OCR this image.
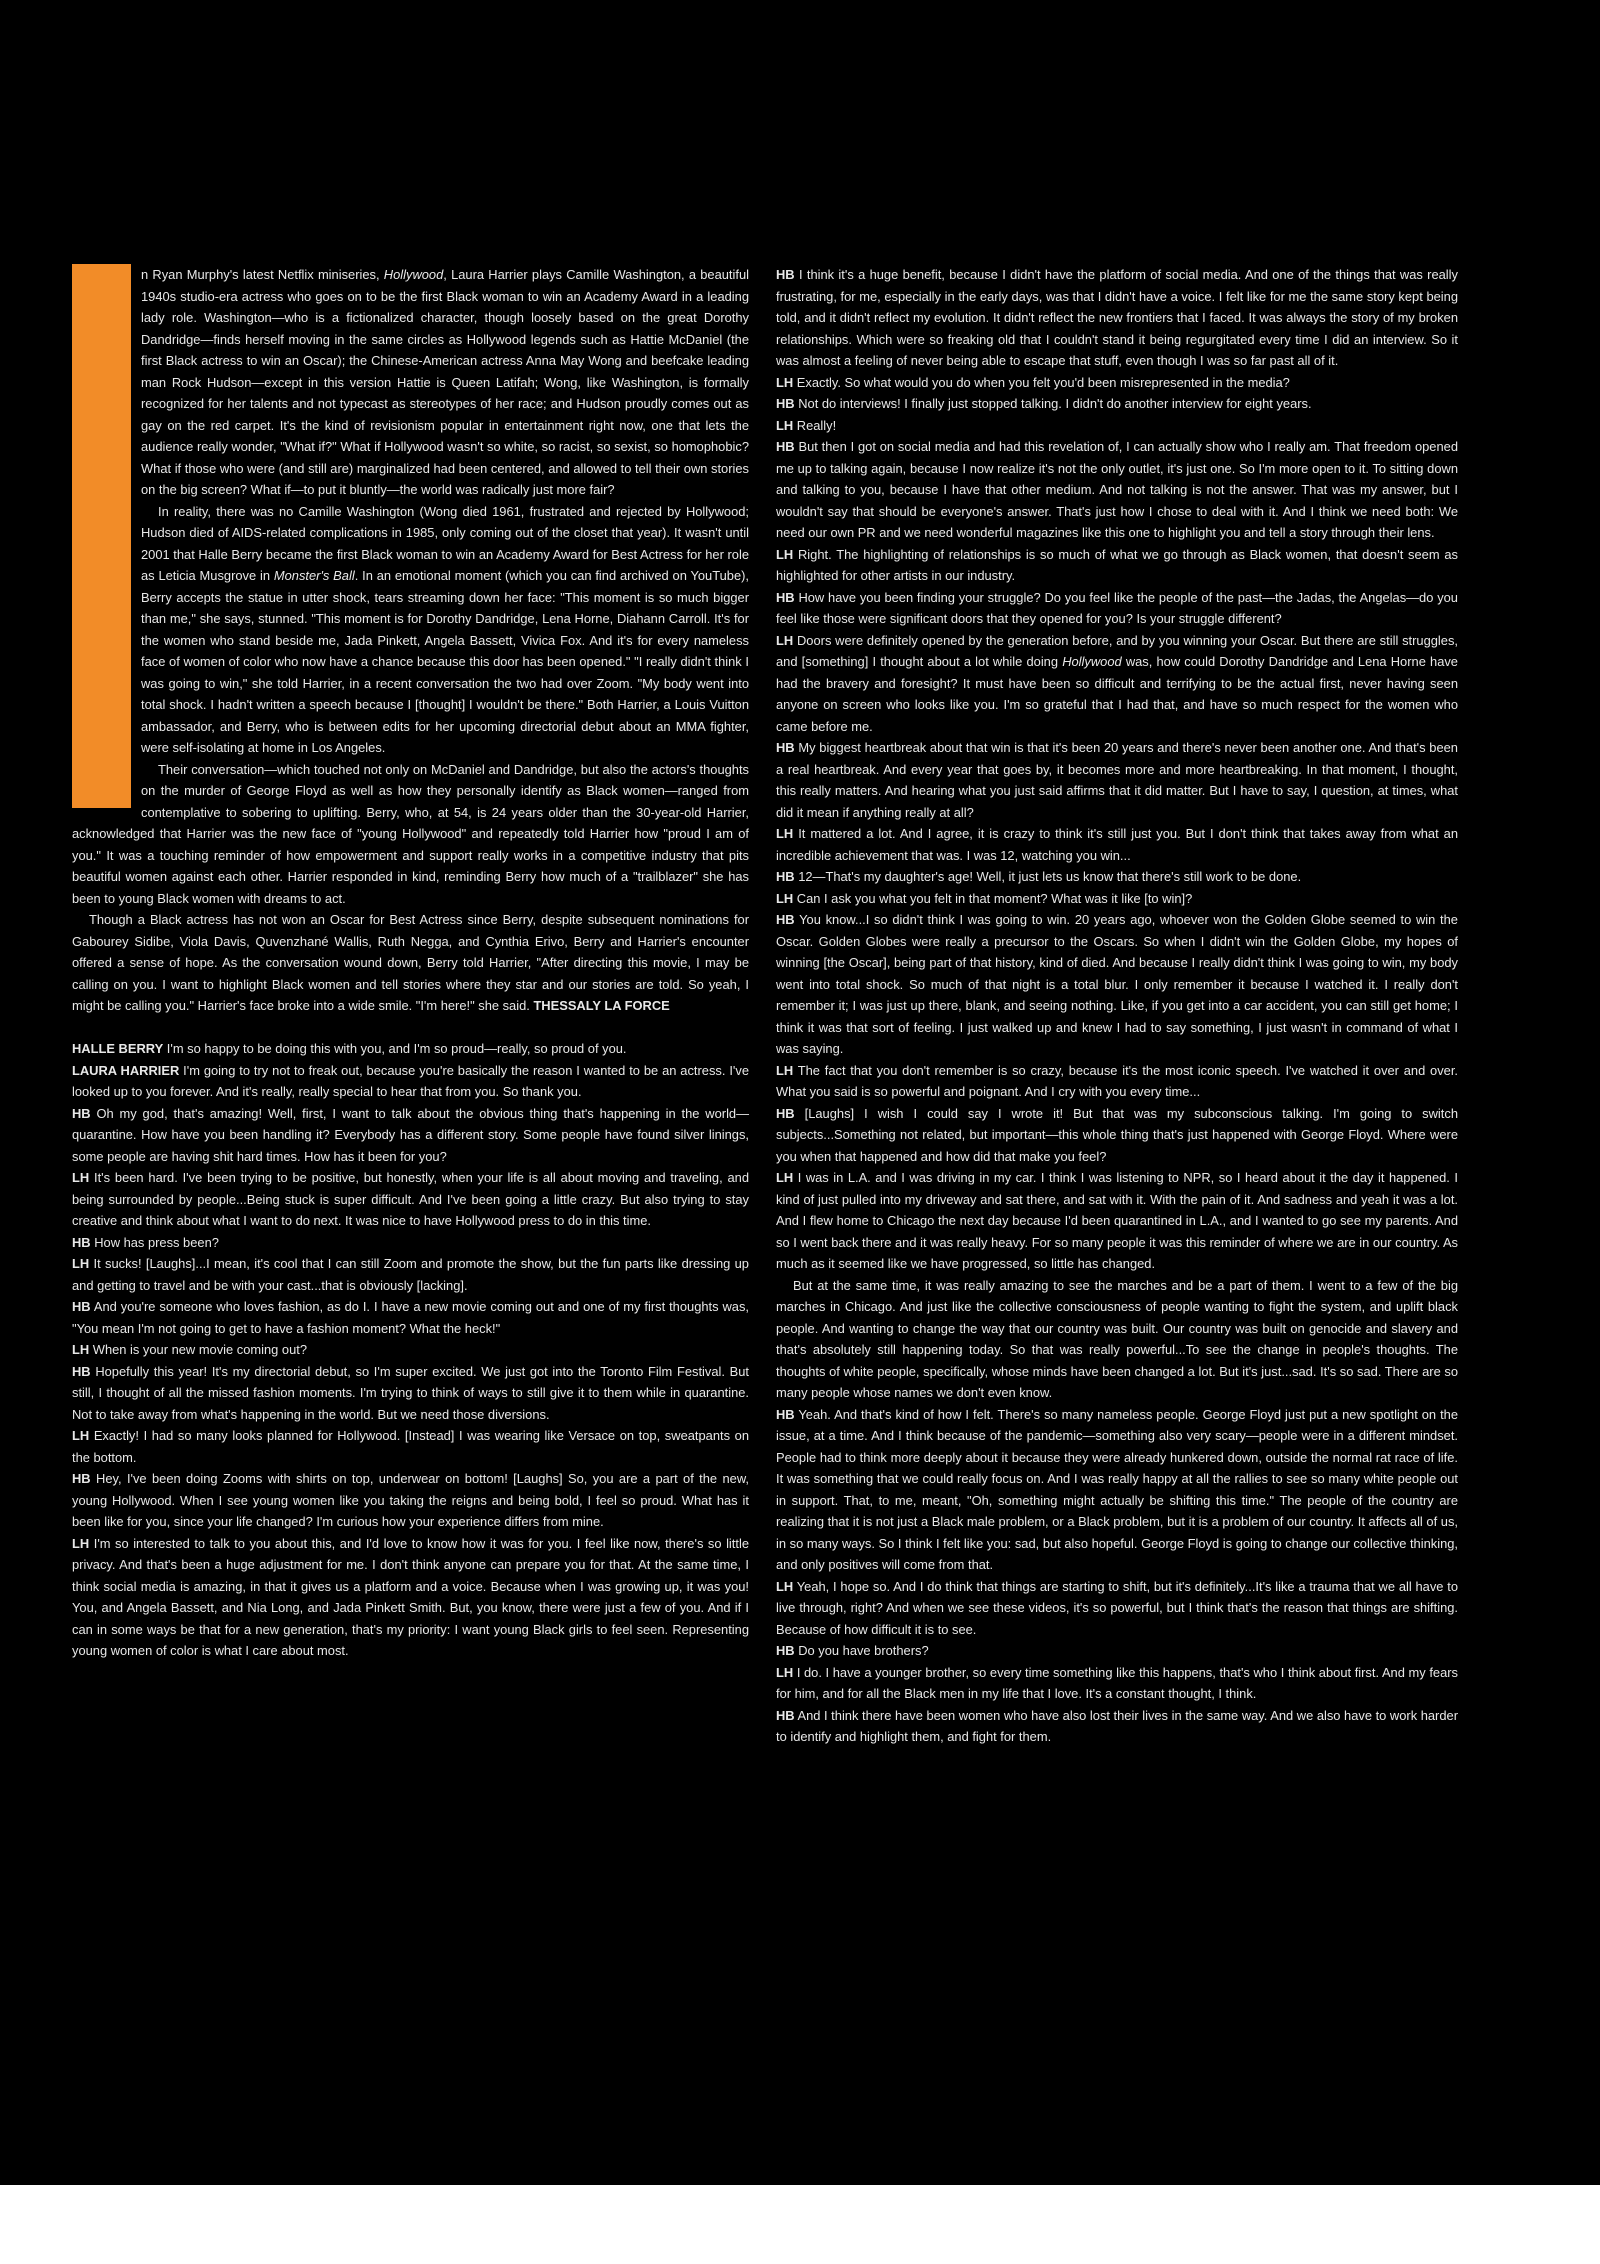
n Ryan Murphy's latest Netflix miniseries, Hollywood, Laura Harrier plays Camille Washington, a beautiful 1940s studio-era actress who goes on to be the first Black woman to win an Academy Award in a leading lady role. Washington—who is a fictionalized character, though loosely based on the great Dorothy Dandridge—finds herself moving in the same circles as Hollywood legends such as Hattie McDaniel (the first Black actress to win an Oscar); the Chinese-American actress Anna May Wong and beefcake leading man Rock Hudson—except in this version Hattie is Queen Latifah; Wong, like Washington, is formally recognized for her talents and not typecast as stereotypes of her race; and Hudson proudly comes out as gay on the red carpet. It's the kind of revisionism popular in entertainment right now, one that lets the audience really wonder, "What if?" What if Hollywood wasn't so white, so racist, so sexist, so homophobic? What if those who were (and still are) marginalized had been centered, and allowed to tell their own stories on the big screen? What if—to put it bluntly—the world was radically just more fair?

In reality, there was no Camille Washington (Wong died 1961, frustrated and rejected by Hollywood; Hudson died of AIDS-related complications in 1985, only coming out of the closet that year). It wasn't until 2001 that Halle Berry became the first Black woman to win an Academy Award for Best Actress for her role as Leticia Musgrove in Monster's Ball. In an emotional moment (which you can find archived on YouTube), Berry accepts the statue in utter shock, tears streaming down her face: "This moment is so much bigger than me," she says, stunned. "This moment is for Dorothy Dandridge, Lena Horne, Diahann Carroll. It's for the women who stand beside me, Jada Pinkett, Angela Bassett, Vivica Fox. And it's for every nameless face of women of color who now have a chance because this door has been opened." "I really didn't think I was going to win," she told Harrier, in a recent conversation the two had over Zoom. "My body went into total shock. I hadn't written a speech because I [thought] I wouldn't be there." Both Harrier, a Louis Vuitton ambassador, and Berry, who is between edits for her upcoming directorial debut about an MMA fighter, were self-isolating at home in Los Angeles.

Their conversation—which touched not only on McDaniel and Dandridge, but also the actors's thoughts on the murder of George Floyd as well as how they personally identify as Black women—ranged from contemplative to sobering to uplifting. Berry, who, at 54, is 24 years older than the 30-year-old Harrier, acknowledged that Harrier was the new face of "young Hollywood" and repeatedly told Harrier how "proud I am of you." It was a touching reminder of how empowerment and support really works in a competitive industry that pits beautiful women against each other. Harrier responded in kind, reminding Berry how much of a "trailblazer" she has been to young Black women with dreams to act.

Though a Black actress has not won an Oscar for Best Actress since Berry, despite subsequent nominations for Gabourey Sidibe, Viola Davis, Quvenzhané Wallis, Ruth Negga, and Cynthia Erivo, Berry and Harrier's encounter offered a sense of hope. As the conversation wound down, Berry told Harrier, "After directing this movie, I may be calling on you. I want to highlight Black women and tell stories where they star and our stories are told. So yeah, I might be calling you." Harrier's face broke into a wide smile. "I'm here!" she said. THESSALY LA FORCE

HALLE BERRY I'm so happy to be doing this with you, and I'm so proud—really, so proud of you.

LAURA HARRIER I'm going to try not to freak out, because you're basically the reason I wanted to be an actress. I've looked up to you forever. And it's really, really special to hear that from you. So thank you.

HB Oh my god, that's amazing! Well, first, I want to talk about the obvious thing that's happening in the world—quarantine. How have you been handling it? Everybody has a different story. Some people have found silver linings, some people are having shit hard times. How has it been for you?

LH It's been hard. I've been trying to be positive, but honestly, when your life is all about moving and traveling, and being surrounded by people...Being stuck is super difficult. And I've been going a little crazy. But also trying to stay creative and think about what I want to do next. It was nice to have Hollywood press to do in this time.

HB How has press been?

LH It sucks! [Laughs]...I mean, it's cool that I can still Zoom and promote the show, but the fun parts like dressing up and getting to travel and be with your cast...that is obviously [lacking].

HB And you're someone who loves fashion, as do I. I have a new movie coming out and one of my first thoughts was, "You mean I'm not going to get to have a fashion moment? What the heck!"

LH When is your new movie coming out?

HB Hopefully this year! It's my directorial debut, so I'm super excited. We just got into the Toronto Film Festival. But still, I thought of all the missed fashion moments. I'm trying to think of ways to still give it to them while in quarantine. Not to take away from what's happening in the world. But we need those diversions.

LH Exactly! I had so many looks planned for Hollywood. [Instead] I was wearing like Versace on top, sweatpants on the bottom.

HB Hey, I've been doing Zooms with shirts on top, underwear on bottom! [Laughs] So, you are a part of the new, young Hollywood. When I see young women like you taking the reigns and being bold, I feel so proud. What has it been like for you, since your life changed? I'm curious how your experience differs from mine.

LH I'm so interested to talk to you about this, and I'd love to know how it was for you. I feel like now, there's so little privacy. And that's been a huge adjustment for me. I don't think anyone can prepare you for that. At the same time, I think social media is amazing, in that it gives us a platform and a voice. Because when I was growing up, it was you! You, and Angela Bassett, and Nia Long, and Jada Pinkett Smith. But, you know, there were just a few of you. And if I can in some ways be that for a new generation, that's my priority: I want young Black girls to feel seen. Representing young women of color is what I care about most.

HB I think it's a huge benefit, because I didn't have the platform of social media. And one of the things that was really frustrating, for me, especially in the early days, was that I didn't have a voice. I felt like for me the same story kept being told, and it didn't reflect my evolution. It didn't reflect the new frontiers that I faced. It was always the story of my broken relationships. Which were so freaking old that I couldn't stand it being regurgitated every time I did an interview. So it was almost a feeling of never being able to escape that stuff, even though I was so far past all of it.

LH Exactly. So what would you do when you felt you'd been misrepresented in the media?

HB Not do interviews! I finally just stopped talking. I didn't do another interview for eight years.

LH Really!

HB But then I got on social media and had this revelation of, I can actually show who I really am. That freedom opened me up to talking again, because I now realize it's not the only outlet, it's just one. So I'm more open to it. To sitting down and talking to you, because I have that other medium. And not talking is not the answer. That was my answer, but I wouldn't say that should be everyone's answer. That's just how I chose to deal with it. And I think we need both: We need our own PR and we need wonderful magazines like this one to highlight you and tell a story through their lens.

LH Right. The highlighting of relationships is so much of what we go through as Black women, that doesn't seem as highlighted for other artists in our industry.

HB How have you been finding your struggle? Do you feel like the people of the past—the Jadas, the Angelas—do you feel like those were significant doors that they opened for you? Is your struggle different?

LH Doors were definitely opened by the generation before, and by you winning your Oscar. But there are still struggles, and [something] I thought about a lot while doing Hollywood was, how could Dorothy Dandridge and Lena Horne have had the bravery and foresight? It must have been so difficult and terrifying to be the actual first, never having seen anyone on screen who looks like you. I'm so grateful that I had that, and have so much respect for the women who came before me.

HB My biggest heartbreak about that win is that it's been 20 years and there's never been another one. And that's been a real heartbreak. And every year that goes by, it becomes more and more heartbreaking. In that moment, I thought, this really matters. And hearing what you just said affirms that it did matter. But I have to say, I question, at times, what did it mean if anything really at all?

LH It mattered a lot. And I agree, it is crazy to think it's still just you. But I don't think that takes away from what an incredible achievement that was. I was 12, watching you win...

HB 12—That's my daughter's age! Well, it just lets us know that there's still work to be done.

LH Can I ask you what you felt in that moment? What was it like [to win]?

HB You know...I so didn't think I was going to win. 20 years ago, whoever won the Golden Globe seemed to win the Oscar. Golden Globes were really a precursor to the Oscars. So when I didn't win the Golden Globe, my hopes of winning [the Oscar], being part of that history, kind of died. And because I really didn't think I was going to win, my body went into total shock. So much of that night is a total blur. I only remember it because I watched it. I really don't remember it; I was just up there, blank, and seeing nothing. Like, if you get into a car accident, you can still get home; I think it was that sort of feeling. I just walked up and knew I had to say something, I just wasn't in command of what I was saying.

LH The fact that you don't remember is so crazy, because it's the most iconic speech. I've watched it over and over. What you said is so powerful and poignant. And I cry with you every time...

HB [Laughs] I wish I could say I wrote it! But that was my subconscious talking. I'm going to switch subjects...Something not related, but important—this whole thing that's just happened with George Floyd. Where were you when that happened and how did that make you feel?

LH I was in L.A. and I was driving in my car. I think I was listening to NPR, so I heard about it the day it happened. I kind of just pulled into my driveway and sat there, and sat with it. With the pain of it. And sadness and yeah it was a lot. And I flew home to Chicago the next day because I'd been quarantined in L.A., and I wanted to go see my parents. And so I went back there and it was really heavy. For so many people it was this reminder of where we are in our country. As much as it seemed like we have progressed, so little has changed.

But at the same time, it was really amazing to see the marches and be a part of them. I went to a few of the big marches in Chicago. And just like the collective consciousness of people wanting to fight the system, and uplift black people. And wanting to change the way that our country was built. Our country was built on genocide and slavery and that's absolutely still happening today. So that was really powerful...To see the change in people's thoughts. The thoughts of white people, specifically, whose minds have been changed a lot. But it's just...sad. It's so sad. There are so many people whose names we don't even know.

HB Yeah. And that's kind of how I felt. There's so many nameless people. George Floyd just put a new spotlight on the issue, at a time. And I think because of the pandemic—something also very scary—people were in a different mindset. People had to think more deeply about it because they were already hunkered down, outside the normal rat race of life. It was something that we could really focus on. And I was really happy at all the rallies to see so many white people out in support. That, to me, meant, "Oh, something might actually be shifting this time." The people of the country are realizing that it is not just a Black male problem, or a Black problem, but it is a problem of our country. It affects all of us, in so many ways. So I think I felt like you: sad, but also hopeful. George Floyd is going to change our collective thinking, and only positives will come from that.

LH Yeah, I hope so. And I do think that things are starting to shift, but it's definitely...It's like a trauma that we all have to live through, right? And when we see these videos, it's so powerful, but I think that's the reason that things are shifting. Because of how difficult it is to see.

HB Do you have brothers?

LH I do. I have a younger brother, so every time something like this happens, that's who I think about first. And my fears for him, and for all the Black men in my life that I love. It's a constant thought, I think.

HB And I think there have been women who have also lost their lives in the same way. And we also have to work harder to identify and highlight them, and fight for them.
